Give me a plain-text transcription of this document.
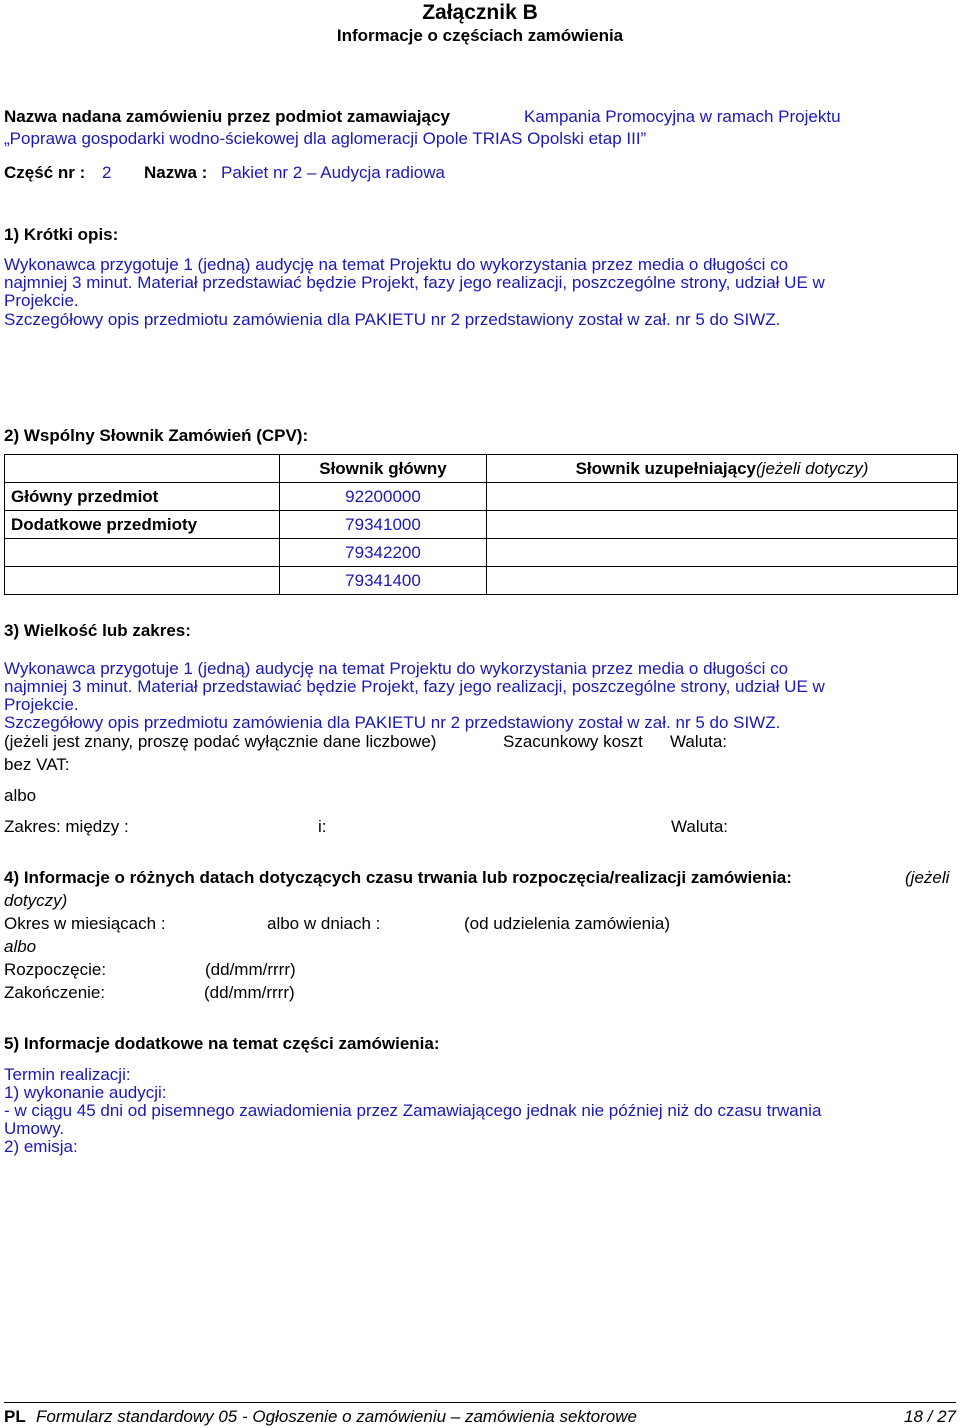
Załącznik B
Informacje o częściach zamówienia
Nazwa nadana zamówieniu przez podmiot zamawiający	Kampania Promocyjna w ramach Projektu
„Poprawa gospodarki wodno-ściekowej dla aglomeracji Opole TRIAS Opolski etap III”
Część nr : 2 Nazwa : Pakiet nr 2 – Audycja radiowa
1) Krótki opis:
Wykonawca przygotuje 1 (jedną) audycję na temat Projektu do wykorzystania przez media o długości co
najmniej 3 minut. Materiał przedstawiać będzie Projekt, fazy jego realizacji, poszczególne strony, udział UE w
Projekcie.
Szczegółowy opis przedmiotu zamówienia dla PAKIETU nr 2 przedstawiony został w zał. nr 5 do SIWZ.
2) Wspólny Słownik Zamówień (CPV):
	Słownik główny	Słownik uzupełniający(jeżeli dotyczy)
Główny przedmiot	92200000	
Dodatkowe przedmioty	79341000	
	79342200	
	79341400	
3) Wielkość lub zakres:
Wykonawca przygotuje 1 (jedną) audycję na temat Projektu do wykorzystania przez media o długości co
najmniej 3 minut. Materiał przedstawiać będzie Projekt, fazy jego realizacji, poszczególne strony, udział UE w
Projekcie.
Szczegółowy opis przedmiotu zamówienia dla PAKIETU nr 2 przedstawiony został w zał. nr 5 do SIWZ.
(jeżeli jest znany, proszę podać wyłącznie dane liczbowe)	Szacunkowy koszt Waluta:
bez VAT:
albo
Zakres: między :	i:	Waluta:
4) Informacje o różnych datach dotyczących czasu trwania lub rozpoczęcia/realizacji zamówienia:	(jeżeli
dotyczy)
Okres w miesiącach :	albo w dniach :	(od udzielenia zamówienia)
albo
Rozpoczęcie:	(dd/mm/rrrr)
Zakończenie:	(dd/mm/rrrr)
5) Informacje dodatkowe na temat części zamówienia:
Termin realizacji:
1) wykonanie audycji:
- w ciągu 45 dni od pisemnego zawiadomienia przez Zamawiającego jednak nie później niż do czasu trwania
Umowy.
2) emisja:
PL Formularz standardowy 05 - Ogłoszenie o zamówieniu – zamówienia sektorowe	18 / 27
